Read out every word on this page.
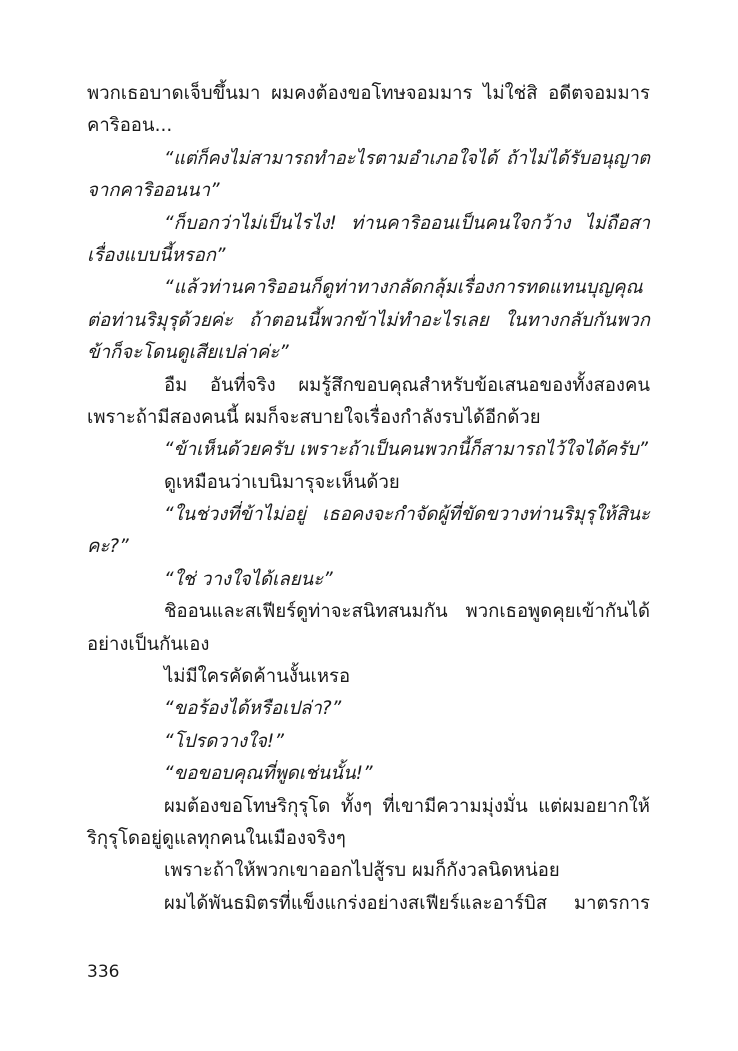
พวกเธอบาดเจ็บขึ้นมา ผมคงต้องขอโทษจอมมาร ไม่ใช่สิ อดีตจอมมาร
คาริออน...
“แต่ก็คงไม่สามารถทำอะไรตามอำเภอใจได้ ถ้าไม่ได้รับอนุญาต
จากคาริออนนา”
“ก็บอกว่าไม่เป็นไรไง! ท่านคาริออนเป็นคนใจกว้าง ไม่ถือสา
เรื่องแบบนี้หรอก”
“แล้วท่านคาริออนก็ดูท่าทางกลัดกลุ้มเรื่องการทดแทนบุญคุณ
ต่อท่านริมุรุด้วยค่ะ ถ้าตอนนี้พวกข้าไม่ทำอะไรเลย ในทางกลับกันพวก
ข้าก็จะโดนดูเสียเปล่าค่ะ”
อืม อันที่จริง ผมรู้สึกขอบคุณสำหรับข้อเสนอของทั้งสองคน
เพราะถ้ามีสองคนนี้ ผมก็จะสบายใจเรื่องกำลังรบได้อีกด้วย
“ข้าเห็นด้วยครับ เพราะถ้าเป็นคนพวกนี้ก็สามารถไว้ใจได้ครับ”
ดูเหมือนว่าเบนิมารุจะเห็นด้วย
“ในช่วงที่ข้าไม่อยู่ เธอคงจะกำจัดผู้ที่ขัดขวางท่านริมุรุให้สินะ
คะ?”
“ใช่ วางใจได้เลยนะ”
ชิออนและสเฟียร์ดูท่าจะสนิทสนมกัน พวกเธอพูดคุยเข้ากันได้
อย่างเป็นกันเอง
ไม่มีใครคัดค้านงั้นเหรอ
“ขอร้องได้หรือเปล่า?”
“โปรดวางใจ!”
“ขอขอบคุณที่พูดเช่นนั้น!”
ผมต้องขอโทษริกุรุโด ทั้งๆ ที่เขามีความมุ่งมั่น แต่ผมอยากให้
ริกุรุโดอยู่ดูแลทุกคนในเมืองจริงๆ
เพราะถ้าให้พวกเขาออกไปสู้รบ ผมก็กังวลนิดหน่อย
ผมได้พันธมิตรที่แข็งแกร่งอย่างสเฟียร์และอาร์บิส มาตรการ
336
